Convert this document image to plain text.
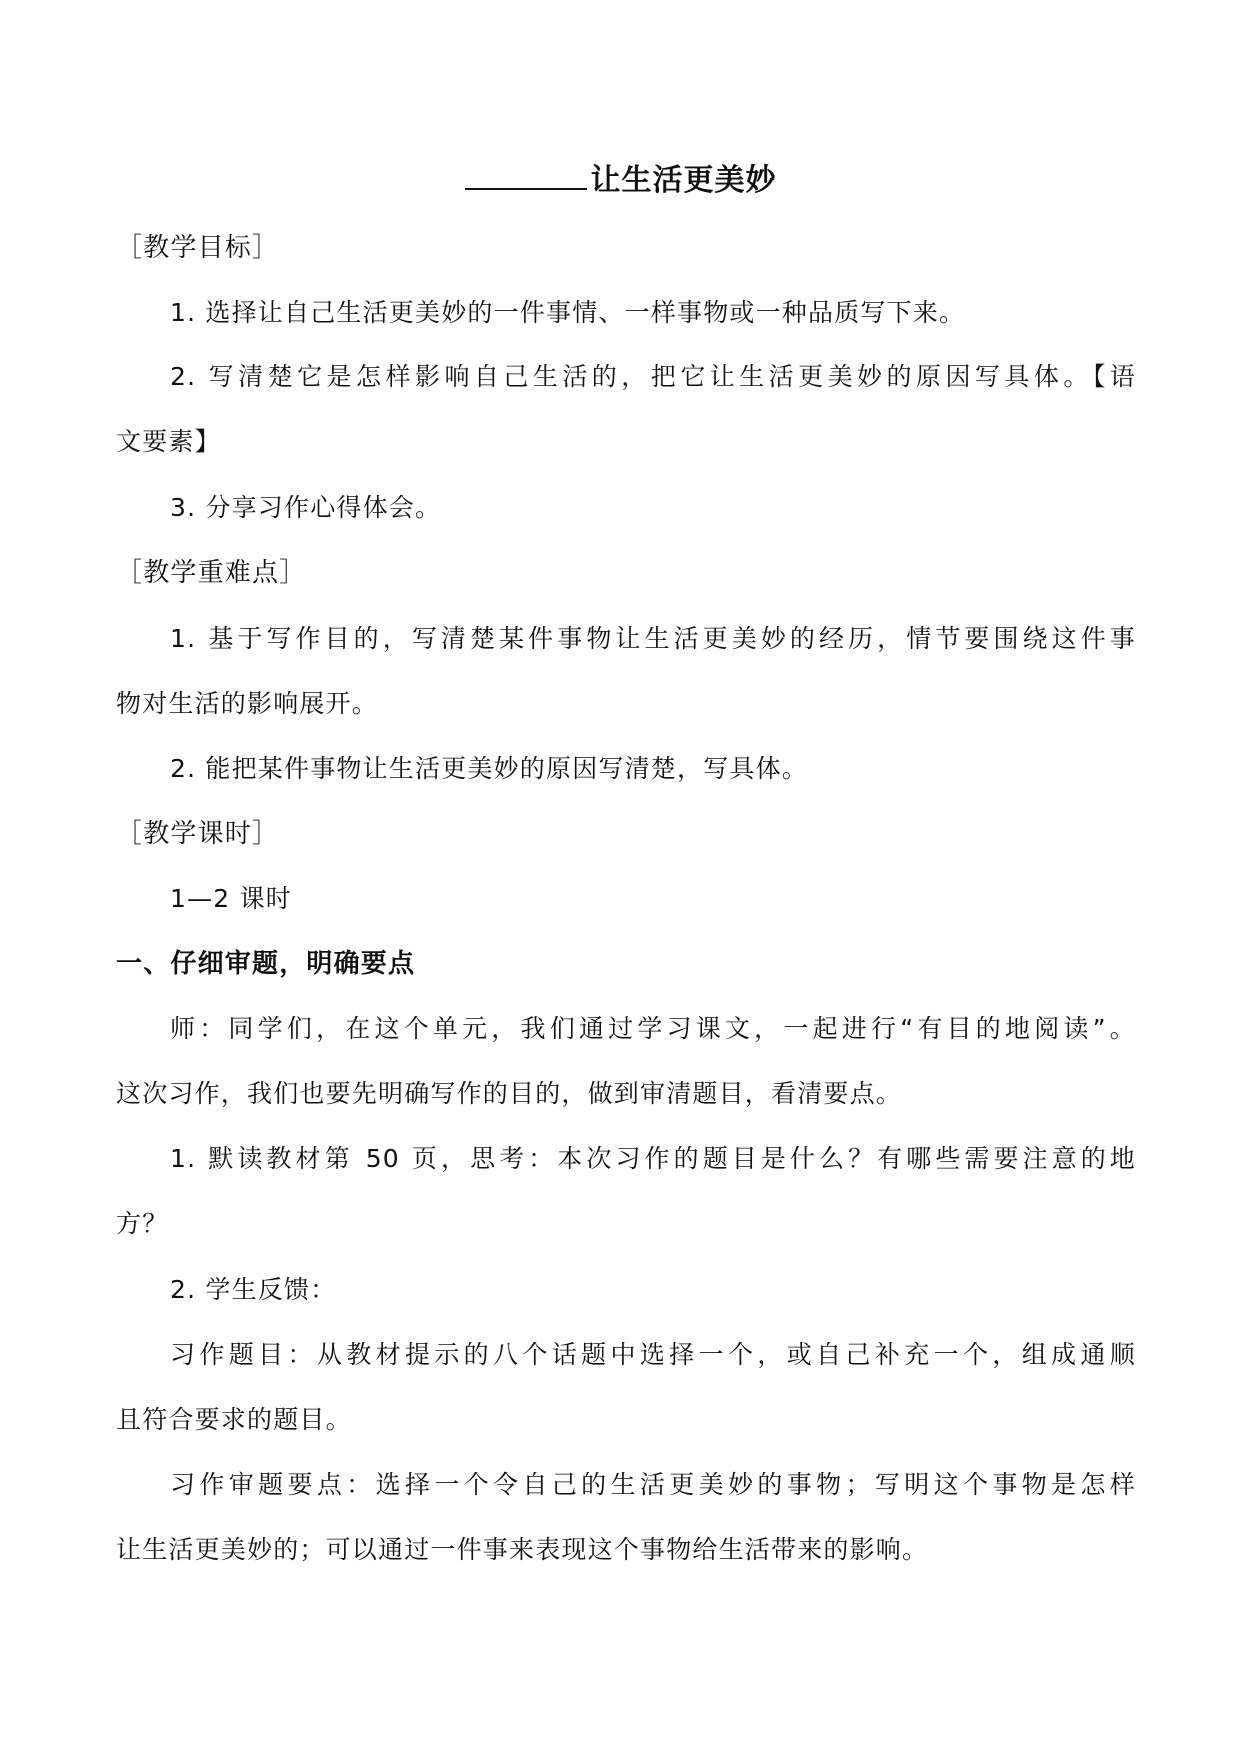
让生活更美妙
［教学目标］
1. 选择让自己生活更美妙的一件事情、一样事物或一种品质写下来。
2. 写清楚它是怎样影响自己生活的，把它让生活更美妙的原因写具体。【语
文要素】
3. 分享习作心得体会。
［教学重难点］
1. 基于写作目的，写清楚某件事物让生活更美妙的经历，情节要围绕这件事
物对生活的影响展开。
2. 能把某件事物让生活更美妙的原因写清楚，写具体。
［教学课时］
1—2 课时
一、仔细审题，明确要点
师：同学们，在这个单元，我们通过学习课文，一起进行“有目的地阅读”。
这次习作，我们也要先明确写作的目的，做到审清题目，看清要点。
1. 默读教材第 50 页，思考：本次习作的题目是什么？有哪些需要注意的地
方？
2. 学生反馈：
习作题目：从教材提示的八个话题中选择一个，或自己补充一个，组成通顺
且符合要求的题目。
习作审题要点：选择一个令自己的生活更美妙的事物；写明这个事物是怎样
让生活更美妙的；可以通过一件事来表现这个事物给生活带来的影响。
